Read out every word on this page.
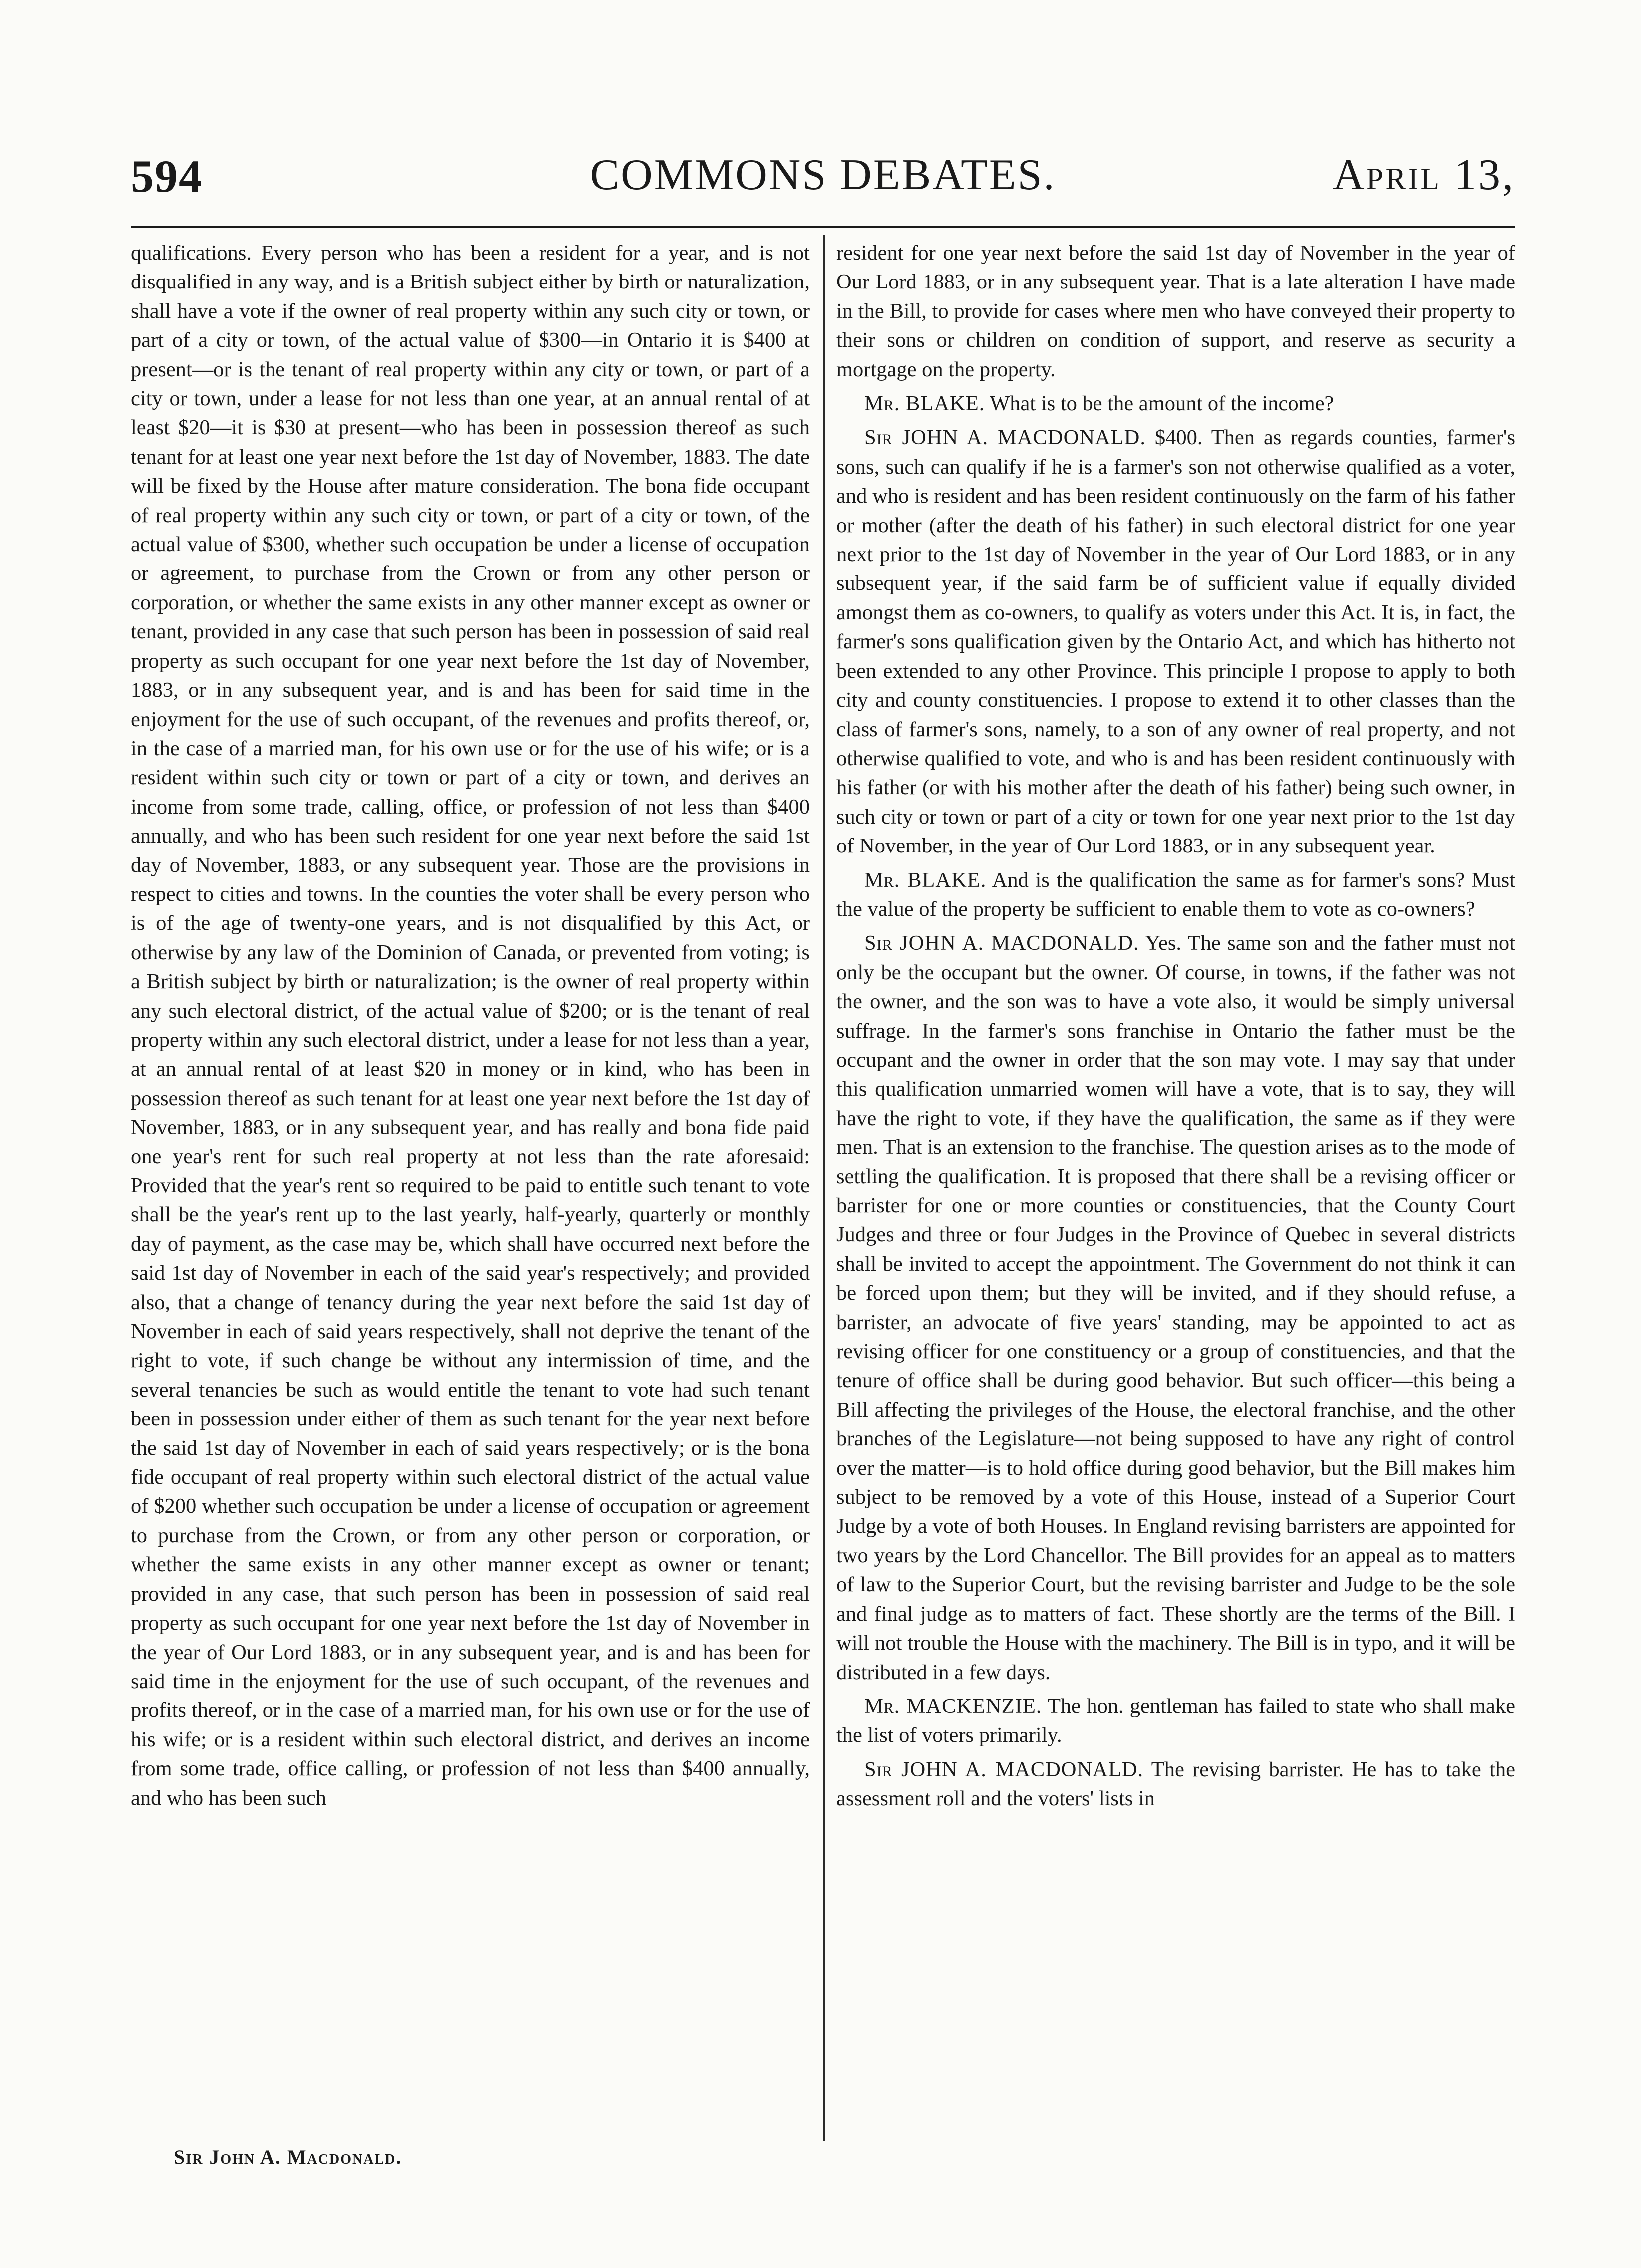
594	COMMONS DEBATES.	April 13,

qualifications. Every person who has been a resident for a year, and is not disqualified in any way, and is a British subject either by birth or naturalization, shall have a vote if the owner of real property within any such city or town, or part of a city or town, of the actual value of $300—in Ontario it is $400 at present—or is the tenant of real property within any city or town, or part of a city or town, under a lease for not less than one year, at an annual rental of at least $20—it is $30 at present—who has been in possession thereof as such tenant for at least one year next before the 1st day of November, 1883. The date will be fixed by the House after mature consideration. The bona fide occupant of real property within any such city or town, or part of a city or town, of the actual value of $300, whether such occupation be under a license of occupation or agreement, to purchase from the Crown or from any other person or corporation, or whether the same exists in any other manner except as owner or tenant, provided in any case that such person has been in possession of said real property as such occupant for one year next before the 1st day of November, 1883, or in any subsequent year, and is and has been for said time in the enjoyment for the use of such occupant, of the revenues and profits thereof, or, in the case of a married man, for his own use or for the use of his wife; or is a resident within such city or town or part of a city or town, and derives an income from some trade, calling, office, or profession of not less than $400 annually, and who has been such resident for one year next before the said 1st day of November, 1883, or any subsequent year. Those are the provisions in respect to cities and towns. In the counties the voter shall be every person who is of the age of twenty-one years, and is not disqualified by this Act, or otherwise by any law of the Dominion of Canada, or prevented from voting; is a British subject by birth or naturalization; is the owner of real property within any such electoral district, of the actual value of $200; or is the tenant of real property within any such electoral district, under a lease for not less than a year, at an annual rental of at least $20 in money or in kind, who has been in possession thereof as such tenant for at least one year next before the 1st day of November, 1883, or in any subsequent year, and has really and bona fide paid one year's rent for such real property at not less than the rate aforesaid: Provided that the year's rent so required to be paid to entitle such tenant to vote shall be the year's rent up to the last yearly, half-yearly, quarterly or monthly day of payment, as the case may be, which shall have occurred next before the said 1st day of November in each of the said year's respectively; and provided also, that a change of tenancy during the year next before the said 1st day of November in each of said years respectively, shall not deprive the tenant of the right to vote, if such change be without any intermission of time, and the several tenancies be such as would entitle the tenant to vote had such tenant been in possession under either of them as such tenant for the year next before the said 1st day of November in each of said years respectively; or is the bona fide occupant of real property within such electoral district of the actual value of $200 whether such occupation be under a license of occupation or agreement to purchase from the Crown, or from any other person or corporation, or whether the same exists in any other manner except as owner or tenant; provided in any case, that such person has been in possession of said real property as such occupant for one year next before the 1st day of November in the year of Our Lord 1883, or in any subsequent year, and is and has been for said time in the enjoyment for the use of such occupant, of the revenues and profits thereof, or in the case of a married man, for his own use or for the use of his wife; or is a resident within such electoral district, and derives an income from some trade, office calling, or profession of not less than $400 annually, and who has been such

resident for one year next before the said 1st day of November in the year of Our Lord 1883, or in any subsequent year. That is a late alteration I have made in the Bill, to provide for cases where men who have conveyed their property to their sons or children on condition of support, and reserve as security a mortgage on the property.

Mr. BLAKE. What is to be the amount of the income?

Sir JOHN A. MACDONALD. $400. Then as regards counties, farmer's sons, such can qualify if he is a farmer's son not otherwise qualified as a voter, and who is resident and has been resident continuously on the farm of his father or mother (after the death of his father) in such electoral district for one year next prior to the 1st day of November in the year of Our Lord 1883, or in any subsequent year, if the said farm be of sufficient value if equally divided amongst them as co-owners, to qualify as voters under this Act. It is, in fact, the farmer's sons qualification given by the Ontario Act, and which has hitherto not been extended to any other Province. This principle I propose to apply to both city and county constituencies. I propose to extend it to other classes than the class of farmer's sons, namely, to a son of any owner of real property, and not otherwise qualified to vote, and who is and has been resident continuously with his father (or with his mother after the death of his father) being such owner, in such city or town or part of a city or town for one year next prior to the 1st day of November, in the year of Our Lord 1883, or in any subsequent year.

Mr. BLAKE. And is the qualification the same as for farmer's sons? Must the value of the property be sufficient to enable them to vote as co-owners?

Sir JOHN A. MACDONALD. Yes. The same son and the father must not only be the occupant but the owner. Of course, in towns, if the father was not the owner, and the son was to have a vote also, it would be simply universal suffrage. In the farmer's sons franchise in Ontario the father must be the occupant and the owner in order that the son may vote. I may say that under this qualification unmarried women will have a vote, that is to say, they will have the right to vote, if they have the qualification, the same as if they were men. That is an extension to the franchise. The question arises as to the mode of settling the qualification. It is proposed that there shall be a revising officer or barrister for one or more counties or constituencies, that the County Court Judges and three or four Judges in the Province of Quebec in several districts shall be invited to accept the appointment. The Government do not think it can be forced upon them; but they will be invited, and if they should refuse, a barrister, an advocate of five years' standing, may be appointed to act as revising officer for one constituency or a group of constituencies, and that the tenure of office shall be during good behavior. But such officer—this being a Bill affecting the privileges of the House, the electoral franchise, and the other branches of the Legislature—not being supposed to have any right of control over the matter—is to hold office during good behavior, but the Bill makes him subject to be removed by a vote of this House, instead of a Superior Court Judge by a vote of both Houses. In England revising barristers are appointed for two years by the Lord Chancellor. The Bill provides for an appeal as to matters of law to the Superior Court, but the revising barrister and Judge to be the sole and final judge as to matters of fact. These shortly are the terms of the Bill. I will not trouble the House with the machinery. The Bill is in typo, and it will be distributed in a few days.

Mr. MACKENZIE. The hon. gentleman has failed to state who shall make the list of voters primarily.

Sir JOHN A. MACDONALD. The revising barrister. He has to take the assessment roll and the voters' lists in

Sir John A. Macdonald.
